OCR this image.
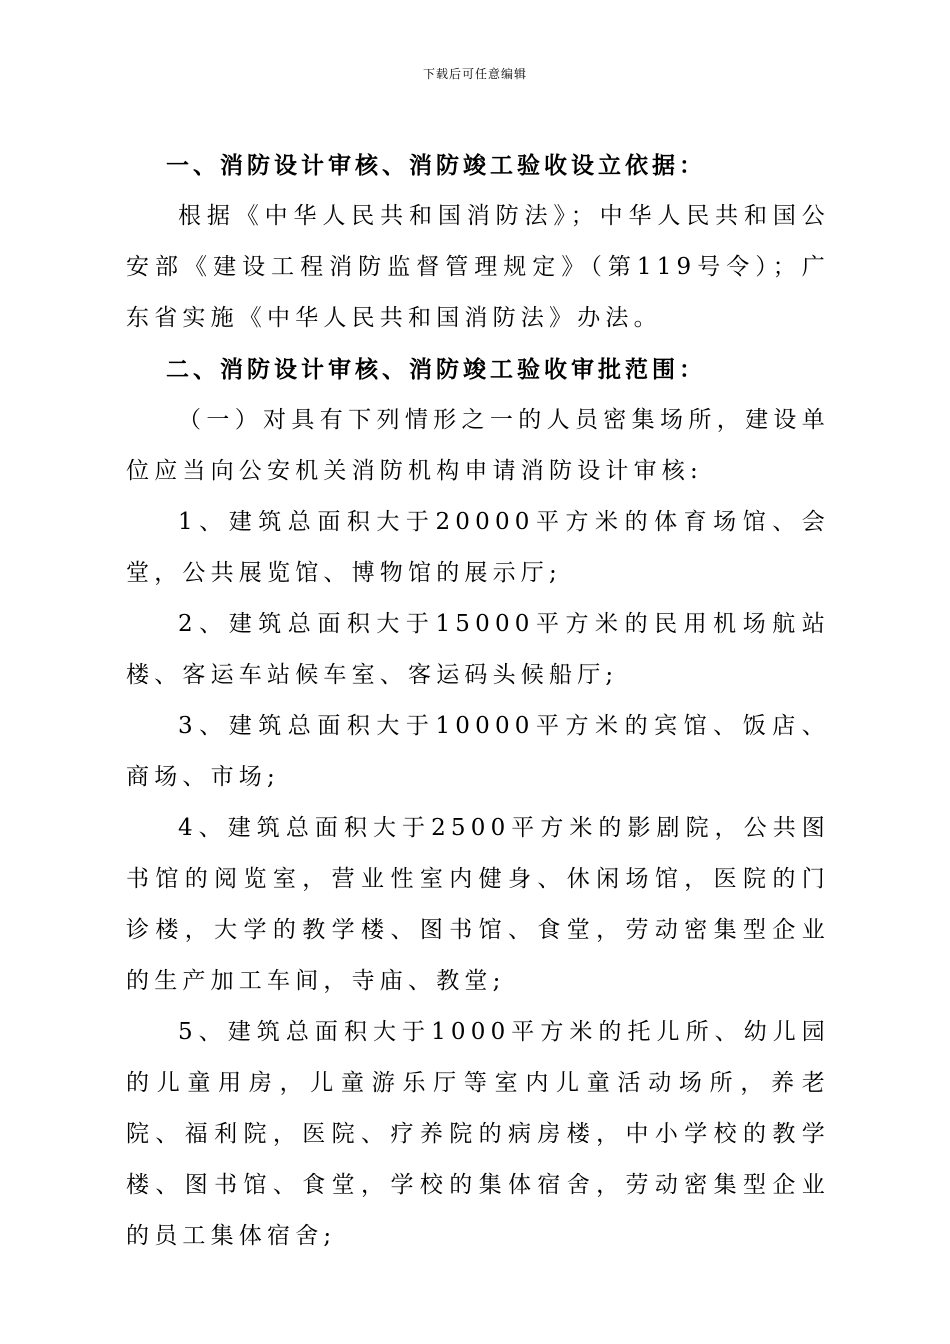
下载后可任意编辑

一、消防设计审核、消防竣工验收设立依据：

根据《中华人民共和国消防法》；中华人民共和国公安部《建设工程消防监督管理规定》（第119号令）；广东省实施《中华人民共和国消防法》办法。

二、消防设计审核、消防竣工验收审批范围：

（一）对具有下列情形之一的人员密集场所，建设单位应当向公安机关消防机构申请消防设计审核:

1、建筑总面积大于20000平方米的体育场馆、会堂，公共展览馆、博物馆的展示厅;

2、建筑总面积大于15000平方米的民用机场航站楼、客运车站候车室、客运码头候船厅;

3、建筑总面积大于10000平方米的宾馆、饭店、商场、市场;

4、建筑总面积大于2500平方米的影剧院，公共图书馆的阅览室，营业性室内健身、休闲场馆，医院的门诊楼，大学的教学楼、图书馆、食堂，劳动密集型企业的生产加工车间，寺庙、教堂;

5、建筑总面积大于1000平方米的托儿所、幼儿园的儿童用房，儿童游乐厅等室内儿童活动场所，养老院、福利院，医院、疗养院的病房楼，中小学校的教学楼、图书馆、食堂，学校的集体宿舍，劳动密集型企业的员工集体宿舍;
